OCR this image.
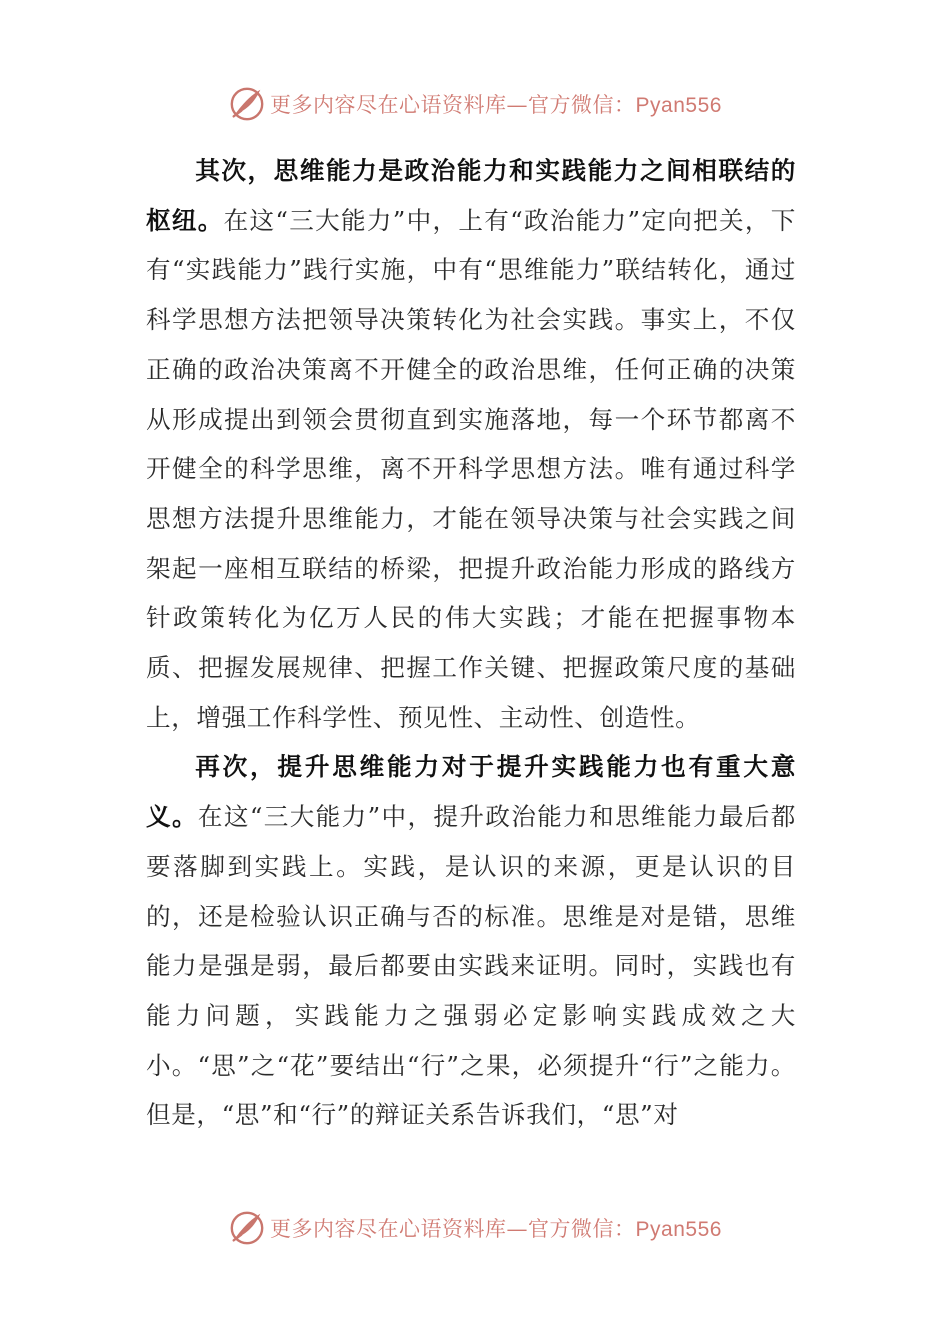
更多内容尽在心语资料库—官方微信：Pyan556

其次，思维能力是政治能力和实践能力之间相联结的枢纽。在这“三大能力”中，上有“政治能力”定向把关，下有“实践能力”践行实施，中有“思维能力”联结转化，通过科学思想方法把领导决策转化为社会实践。事实上，不仅正确的政治决策离不开健全的政治思维，任何正确的决策从形成提出到领会贯彻直到实施落地，每一个环节都离不开健全的科学思维，离不开科学思想方法。唯有通过科学思想方法提升思维能力，才能在领导决策与社会实践之间架起一座相互联结的桥梁，把提升政治能力形成的路线方针政策转化为亿万人民的伟大实践；才能在把握事物本质、把握发展规律、把握工作关键、把握政策尺度的基础上，增强工作科学性、预见性、主动性、创造性。

再次，提升思维能力对于提升实践能力也有重大意义。在这“三大能力”中，提升政治能力和思维能力最后都要落脚到实践上。实践，是认识的来源，更是认识的目的，还是检验认识正确与否的标准。思维是对是错，思维能力是强是弱，最后都要由实践来证明。同时，实践也有能力问题，实践能力之强弱必定影响实践成效之大小。“思”之“花”要结出“行”之果，必须提升“行”之能力。但是，“思”和“行”的辩证关系告诉我们，“思”对

更多内容尽在心语资料库—官方微信：Pyan556
